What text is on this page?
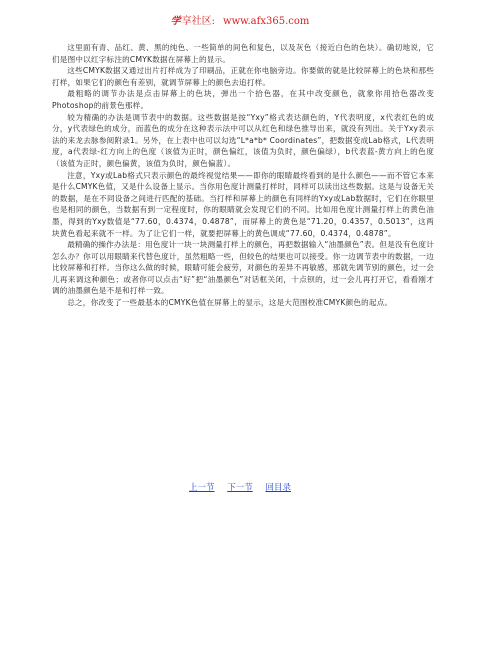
学享社区: www.afx365.com

这里面有青、品红、黄、黑的纯色、一些简单的间色和复色，以及灰色（接近白色的色块）。确切地说，它们是图中以红字标注的CMYK数据在屏幕上的显示。

这些CMYK数据又通过出片打样成为了印刷品，正就在你电脑旁边。你要做的就是比较屏幕上的色块和那些打样，如果它们的颜色有差别，就调节屏幕上的颜色去追打样。

最粗略的调节办法是点击屏幕上的色块，弹出一个拾色器，在其中改变颜色，就象你用拾色器改变Photoshop的前景色那样。

较为精确的办法是调节表中的数据。这些数据是按“Yxy”格式表达颜色的，Y代表明度，x代表红色的成分，y代表绿色的成分，而蓝色的成分在这种表示法中可以从红色和绿色推导出来，就没有列出。关于Yxy表示法的来龙去脉参阅附录1。另外，在上表中也可以勾选“L*a*b* Coordinates”，把数据变成Lab格式，L代表明度，a代表绿-红方向上的色度（该值为正时，颜色偏红，该值为负时，颜色偏绿），b代表蓝-黄方向上的色度（该值为正时，颜色偏黄，该值为负时，颜色偏蓝）。

注意，Yxy或Lab格式只表示颜色的最终视觉结果——即你的眼睛最终看到的是什么颜色——而不管它本来是什么CMYK色值，又是什么设备上显示。当你用色度计测量打样时，同样可以读出这些数据。这是与设备无关的数据，是在不同设备之间进行匹配的基础。当打样和屏幕上的颜色有同样的Yxy或Lab数据时，它们在你眼里也是相同的颜色，当数据有到一定程度时，你的眼睛就会发现它们的不同。比如用色度计测量打样上的黄色油墨，得到的Yxy数值是“77.60，0.4374，0.4878”，而屏幕上的黄色是“71.20，0.4357，0.5013”，这两块黄色看起来就不一样。为了让它们一样，就要把屏幕上的黄色调成“77.60，0.4374，0.4878”。

最精确的操作办法是：用色度计一块一块测量打样上的颜色，再把数据输入“油墨颜色”表。但是没有色度计怎么办？你可以用眼睛来代替色度计，虽然粗略一些，但较色的结果也可以接受。你一边调节表中的数据，一边比较屏幕和打样。当你这么做的时候，眼睛可能会疲劳，对颜色的差异不再敏感，那就先调节别的颜色，过一会儿再来调这种颜色；或者你可以点击“好”把“油墨颜色”对话框关闭，十点钡的，过一会儿再打开它，看看刚才调的油墨颜色是不是和打样一致。

总之，你改变了一些最基本的CMYK色值在屏幕上的显示，这是大范围校准CMYK颜色的起点。

上一节 下一节 回目录
